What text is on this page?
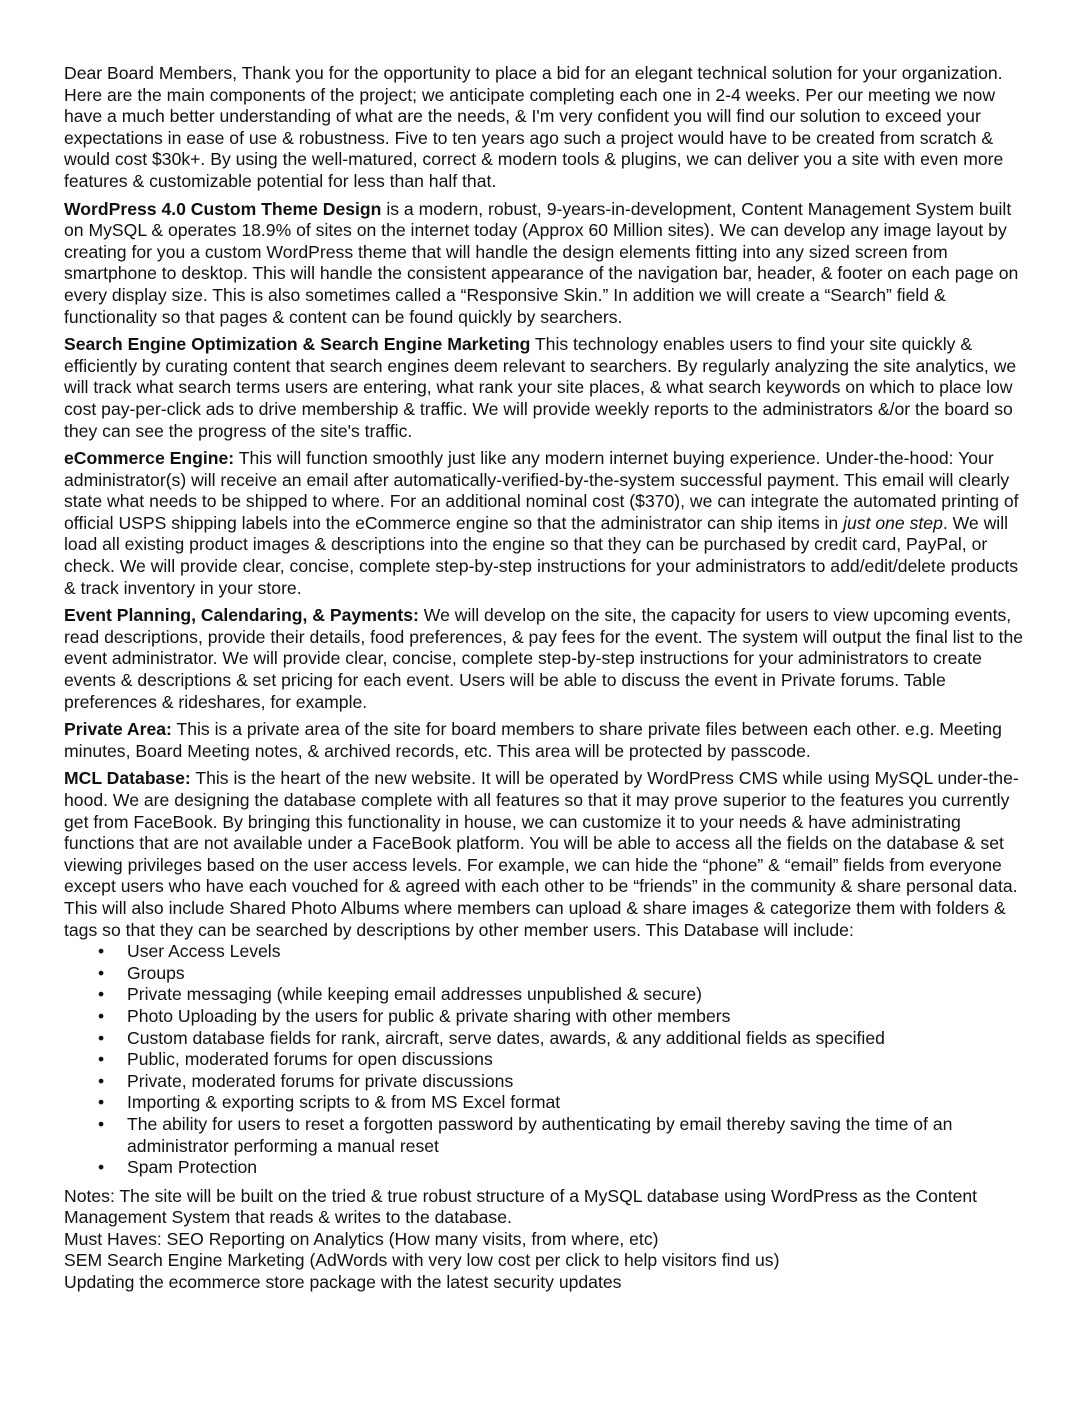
Dear Board Members, Thank you for the opportunity to place a bid for an elegant technical solution for your organization. Here are the main components of the project; we anticipate completing each one in 2-4 weeks. Per our meeting we now have a much better understanding of what are the needs, & I'm very confident you will find our solution to exceed your expectations in ease of use & robustness. Five to ten years ago such a project would have to be created from scratch & would cost $30k+. By using the well-matured, correct & modern tools & plugins, we can deliver you a site with even more features & customizable potential for less than half that.

WordPress 4.0 Custom Theme Design is a modern, robust, 9-years-in-development, Content Management System built on MySQL & operates 18.9% of sites on the internet today (Approx 60 Million sites). We can develop any image layout by creating for you a custom WordPress theme that will handle the design elements fitting into any sized screen from smartphone to desktop. This will handle the consistent appearance of the navigation bar, header, & footer on each page on every display size. This is also sometimes called a “Responsive Skin.” In addition we will create a “Search” field & functionality so that pages & content can be found quickly by searchers.

Search Engine Optimization & Search Engine Marketing This technology enables users to find your site quickly & efficiently by curating content that search engines deem relevant to searchers. By regularly analyzing the site analytics, we will track what search terms users are entering, what rank your site places, & what search keywords on which to place low cost pay-per-click ads to drive membership & traffic. We will provide weekly reports to the administrators &/or the board so they can see the progress of the site's traffic.

eCommerce Engine: This will function smoothly just like any modern internet buying experience. Under-the-hood: Your administrator(s) will receive an email after automatically-verified-by-the-system successful payment. This email will clearly state what needs to be shipped to where. For an additional nominal cost ($370), we can integrate the automated printing of official USPS shipping labels into the eCommerce engine so that the administrator can ship items in just one step. We will load all existing product images & descriptions into the engine so that they can be purchased by credit card, PayPal, or check. We will provide clear, concise, complete step-by-step instructions for your administrators to add/edit/delete products & track inventory in your store.

Event Planning, Calendaring, & Payments: We will develop on the site, the capacity for users to view upcoming events, read descriptions, provide their details, food preferences, & pay fees for the event. The system will output the final list to the event administrator. We will provide clear, concise, complete step-by-step instructions for your administrators to create events & descriptions & set pricing for each event. Users will be able to discuss the event in Private forums. Table preferences & rideshares, for example.

Private Area: This is a private area of the site for board members to share private files between each other. e.g. Meeting minutes, Board Meeting notes, & archived records, etc. This area will be protected by passcode.

MCL Database: This is the heart of the new website. It will be operated by WordPress CMS while using MySQL under-the-hood. We are designing the database complete with all features so that it may prove superior to the features you currently get from FaceBook. By bringing this functionality in house, we can customize it to your needs & have administrating functions that are not available under a FaceBook platform. You will be able to access all the fields on the database & set viewing privileges based on the user access levels. For example, we can hide the “phone” & “email” fields from everyone except users who have each vouched for & agreed with each other to be “friends” in the community & share personal data. This will also include Shared Photo Albums where members can upload & share images & categorize them with folders & tags so that they can be searched by descriptions by other member users. This Database will include:

• User Access Levels
• Groups
• Private messaging (while keeping email addresses unpublished & secure)
• Photo Uploading by the users for public & private sharing with other members
• Custom database fields for rank, aircraft, serve dates, awards, & any additional fields as specified
• Public, moderated forums for open discussions
• Private, moderated forums for private discussions
• Importing & exporting scripts to & from MS Excel format
• The ability for users to reset a forgotten password by authenticating by email thereby saving the time of an administrator performing a manual reset
• Spam Protection

Notes: The site will be built on the tried & true robust structure of a MySQL database using WordPress as the Content Management System that reads & writes to the database.

Must Haves: SEO Reporting on Analytics (How many visits, from where, etc)

SEM Search Engine Marketing (AdWords with very low cost per click to help visitors find us)

Updating the ecommerce store package with the latest security updates
